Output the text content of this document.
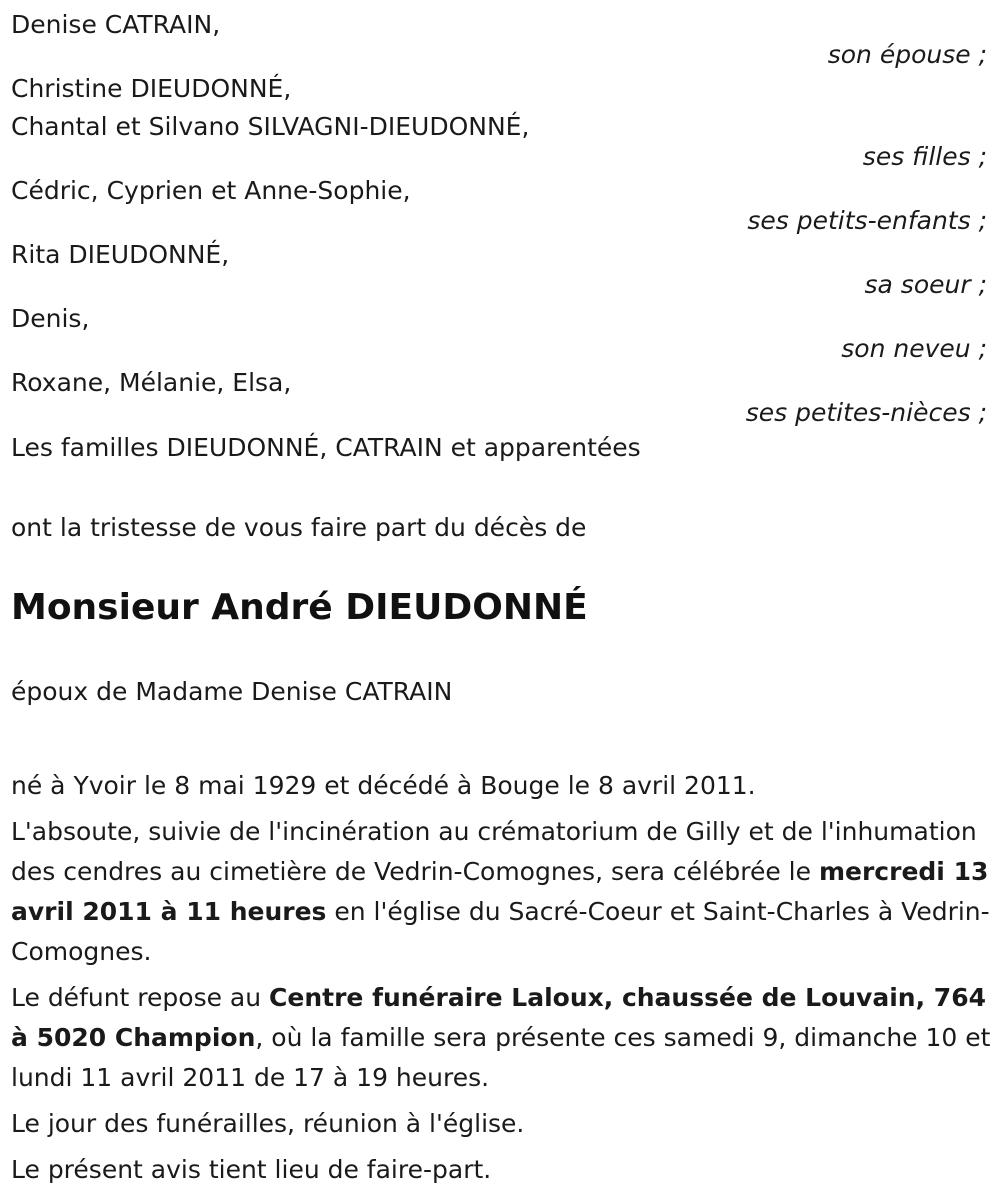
Denise CATRAIN,
son épouse ;
Christine DIEUDONNÉ,
Chantal et Silvano SILVAGNI-DIEUDONNÉ,
ses filles ;
Cédric, Cyprien et Anne-Sophie,
ses petits-enfants ;
Rita DIEUDONNÉ,
sa soeur ;
Denis,
son neveu ;
Roxane, Mélanie, Elsa,
ses petites-nièces ;
Les familles DIEUDONNÉ, CATRAIN et apparentées
ont la tristesse de vous faire part du décès de
Monsieur André DIEUDONNÉ
époux de Madame Denise CATRAIN
né à Yvoir le 8 mai 1929 et décédé à Bouge le 8 avril 2011.
L'absoute, suivie de l'incinération au crématorium de Gilly et de l'inhumation des cendres au cimetière de Vedrin-Comognes, sera célébrée le mercredi 13 avril 2011 à 11 heures en l'église du Sacré-Coeur et Saint-Charles à Vedrin-Comognes.
Le défunt repose au Centre funéraire Laloux, chaussée de Louvain, 764 à 5020 Champion, où la famille sera présente ces samedi 9, dimanche 10 et lundi 11 avril 2011 de 17 à 19 heures.
Le jour des funérailles, réunion à l'église.
Le présent avis tient lieu de faire-part.
